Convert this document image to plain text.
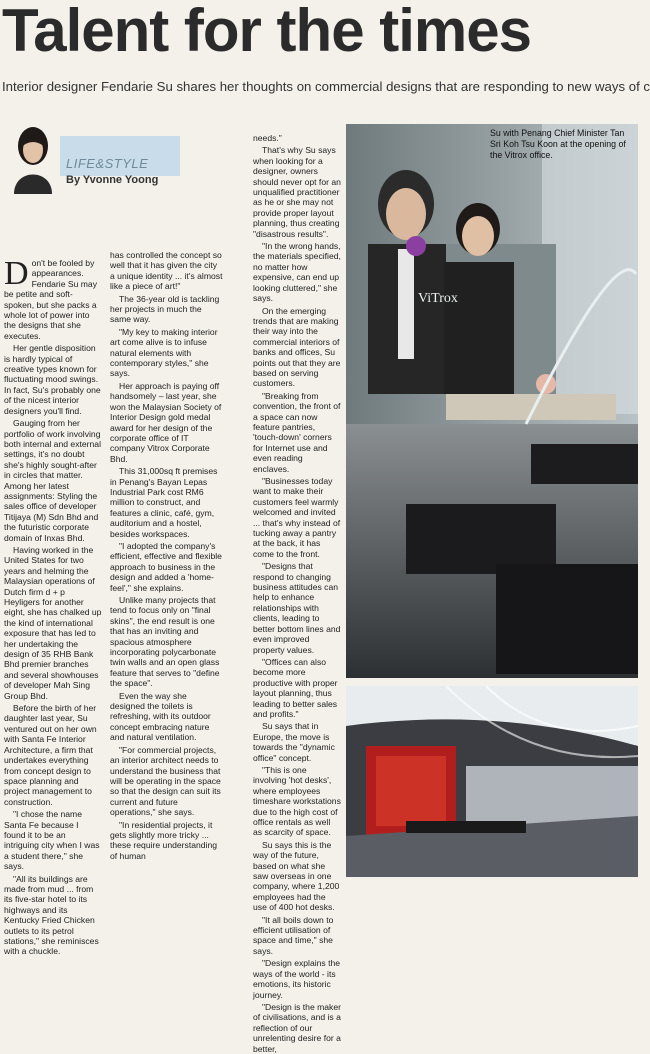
Talent for the times

Interior designer Fendarie Su shares her thoughts on commercial designs that are responding to new ways of c

LIFE&STYLE
By Yvonne Yoong

Don't be fooled by appearances. Fendarie Su may be petite and soft-spoken, but she packs a whole lot of power into the designs that she executes.

Her gentle disposition is hardly typical of creative types known for fluctuating mood swings. In fact, Su's probably one of the nicest interior designers you'll find.

Gauging from her portfolio of work involving both internal and external settings, it's no doubt she's highly sought-after in circles that matter. Among her latest assignments: Styling the sales office of developer Titijaya (M) Sdn Bhd and the futuristic corporate domain of Inxas Bhd.

Having worked in the United States for two years and helming the Malaysian operations of Dutch firm d + p Heyligers for another eight, she has chalked up the kind of international exposure that has led to her undertaking the design of 35 RHB Bank Bhd premier branches and several showhouses of developer Mah Sing Group Bhd.

Before the birth of her daughter last year, Su ventured out on her own with Santa Fe Interior Architecture, a firm that undertakes everything from concept design to space planning and project management to construction.

"I chose the name Santa Fe because I found it to be an intriguing city when I was a student there," she says.

"All its buildings are made from mud ... from its five-star hotel to its highways and its Kentucky Fried Chicken outlets to its petrol stations," she reminisces with a chuckle.

has controlled the concept so well that it has given the city a unique identity ... it's almost like a piece of art!"

The 36-year old is tackling her projects in much the same way.

"My key to making interior art come alive is to infuse natural elements with contemporary styles," she says.

Her approach is paying off handsomely – last year, she won the Malaysian Society of Interior Design gold medal award for her design of the corporate office of IT company Vitrox Corporate Bhd.

This 31,000sq ft premises in Penang's Bayan Lepas Industrial Park cost RM6 million to construct, and features a clinic, café, gym, auditorium and a hostel, besides workspaces.

"I adopted the company's efficient, effective and flexible approach to business in the design and added a 'home-feel'," she explains.

Unlike many projects that tend to focus only on "final skins", the end result is one that has an inviting and spacious atmosphere incorporating polycarbonate twin walls and an open glass feature that serves to "define the space".

Even the way she designed the toilets is refreshing, with its outdoor concept embracing nature and natural ventilation.

"For commercial projects, an interior architect needs to understand the business that will be operating in the space so that the design can suit its current and future operations," she says.

"In residential projects, it gets slightly more tricky ... these require understanding of human

needs."

That's why Su says when looking for a designer, owners should never opt for an unqualified practitioner as he or she may not provide proper layout planning, thus creating "disastrous results".

"In the wrong hands, the materials specified, no matter how expensive, can end up looking cluttered," she says.

On the emerging trends that are making their way into the commercial interiors of banks and offices, Su points out that they are based on serving customers.

"Breaking from convention, the front of a space can now feature pantries, 'touch-down' corners for Internet use and even reading enclaves.

"Businesses today want to make their customers feel warmly welcomed and invited ... that's why instead of tucking away a pantry at the back, it has come to the front.

"Designs that respond to changing business attitudes can help to enhance relationships with clients, leading to better bottom lines and even improved property values.

"Offices can also become more productive with proper layout planning, thus leading to better sales and profits."

Su says that in Europe, the move is towards the "dynamic office" concept.

"This is one involving 'hot desks', where employees timeshare workstations due to the high cost of office rentals as well as scarcity of space.

Su says this is the way of the future, based on what she saw overseas in one company, where 1,200 employees had the use of 400 hot desks.

"It all boils down to efficient utilisation of space and time," she says.

"Design explains the ways of the world - its emotions, its historic journey.

"Design is the maker of civilisations, and is a reflection of our unrelenting desire for a better,

ViTrox
Su with Penang Chief Minister Tan Sri Koh Tsu Koon at the opening of the Vitrox office.
